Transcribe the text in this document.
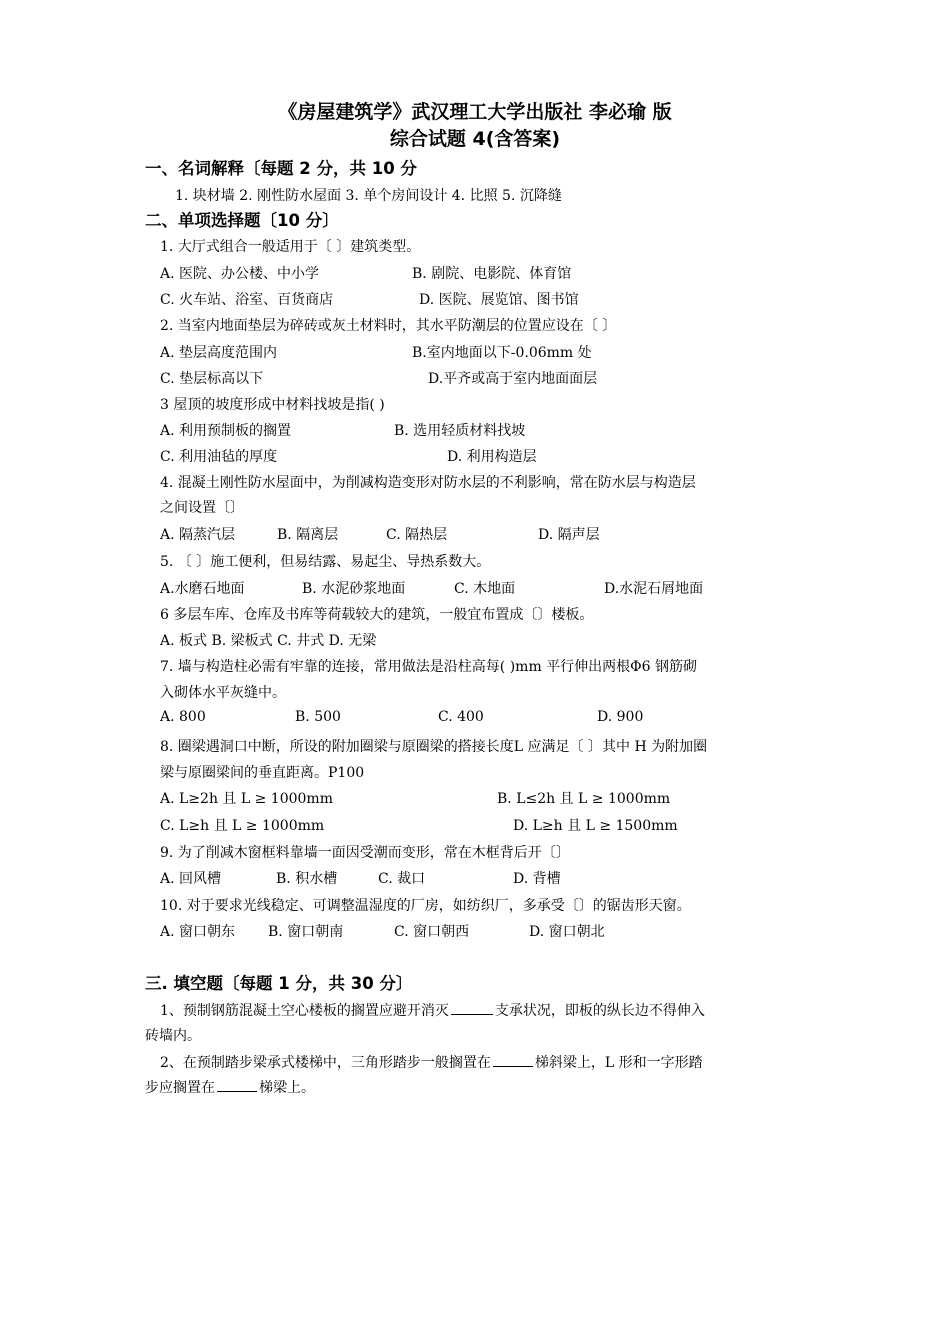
《房屋建筑学》武汉理工大学出版社 李必瑜 版
综合试题 4(含答案)
一、名词解释〔每题 2 分，共 10 分
1. 块材墙 2. 刚性防水屋面 3. 单个房间设计 4. 比照 5. 沉降缝
二、单项选择题〔10 分〕
1. 大厅式组合一般适用于〔 〕建筑类型。
A. 医院、办公楼、中小学	B. 剧院、电影院、体育馆
C. 火车站、浴室、百货商店	D. 医院、展览馆、图书馆
2. 当室内地面垫层为碎砖或灰土材料时，其水平防潮层的位置应设在〔 〕
A. 垫层高度范围内	B.室内地面以下-0.06mm 处
C. 垫层标高以下	D.平齐或高于室内地面面层
3 屋顶的坡度形成中材料找坡是指( )
A. 利用预制板的搁置	B. 选用轻质材料找坡
C. 利用油毡的厚度	D. 利用构造层
4. 混凝土刚性防水屋面中，为削减构造变形对防水层的不利影响，常在防水层与构造层
之间设置〔〕
A. 隔蒸汽层	B. 隔离层	C. 隔热层	D. 隔声层
5. 〔 〕施工便利，但易结露、易起尘、导热系数大。
A.水磨石地面	B. 水泥砂浆地面	C. 木地面	D.水泥石屑地面
6 多层车库、仓库及书库等荷载较大的建筑，一般宜布置成〔〕楼板。
A. 板式 B. 梁板式 C. 井式 D. 无梁
7. 墙与构造柱必需有牢靠的连接，常用做法是沿柱高每( )mm 平行伸出两根Φ6 钢筋砌
入砌体水平灰缝中。
A. 800	B. 500	C. 400	D. 900
8. 圈梁遇洞口中断，所设的附加圈梁与原圈梁的搭接长度L 应满足〔 〕其中 H 为附加圈
梁与原圈梁间的垂直距离。P100
A. L≥2h 且 L ≥ 1000mm	B. L≤2h 且 L ≥ 1000mm
C. L≥h 且 L ≥ 1000mm	D. L≥h 且 L ≥ 1500mm
9. 为了削减木窗框料靠墙一面因受潮而变形，常在木框背后开〔〕
A. 回风槽	B. 积水槽	C. 裁口	D. 背槽
10. 对于要求光线稳定、可调整温湿度的厂房，如纺织厂，多承受〔〕的锯齿形天窗。
A. 窗口朝东 B. 窗口朝南	C. 窗口朝西	D. 窗口朝北
三. 填空题〔每题 1 分，共 30 分〕
1、预制钢筋混凝土空心楼板的搁置应避开消灭	支承状况，即板的纵长边不得伸入
砖墙内。
2、在预制踏步梁承式楼梯中，三角形踏步一般搁置在	梯斜梁上，L 形和一字形踏
步应搁置在	梯梁上。
